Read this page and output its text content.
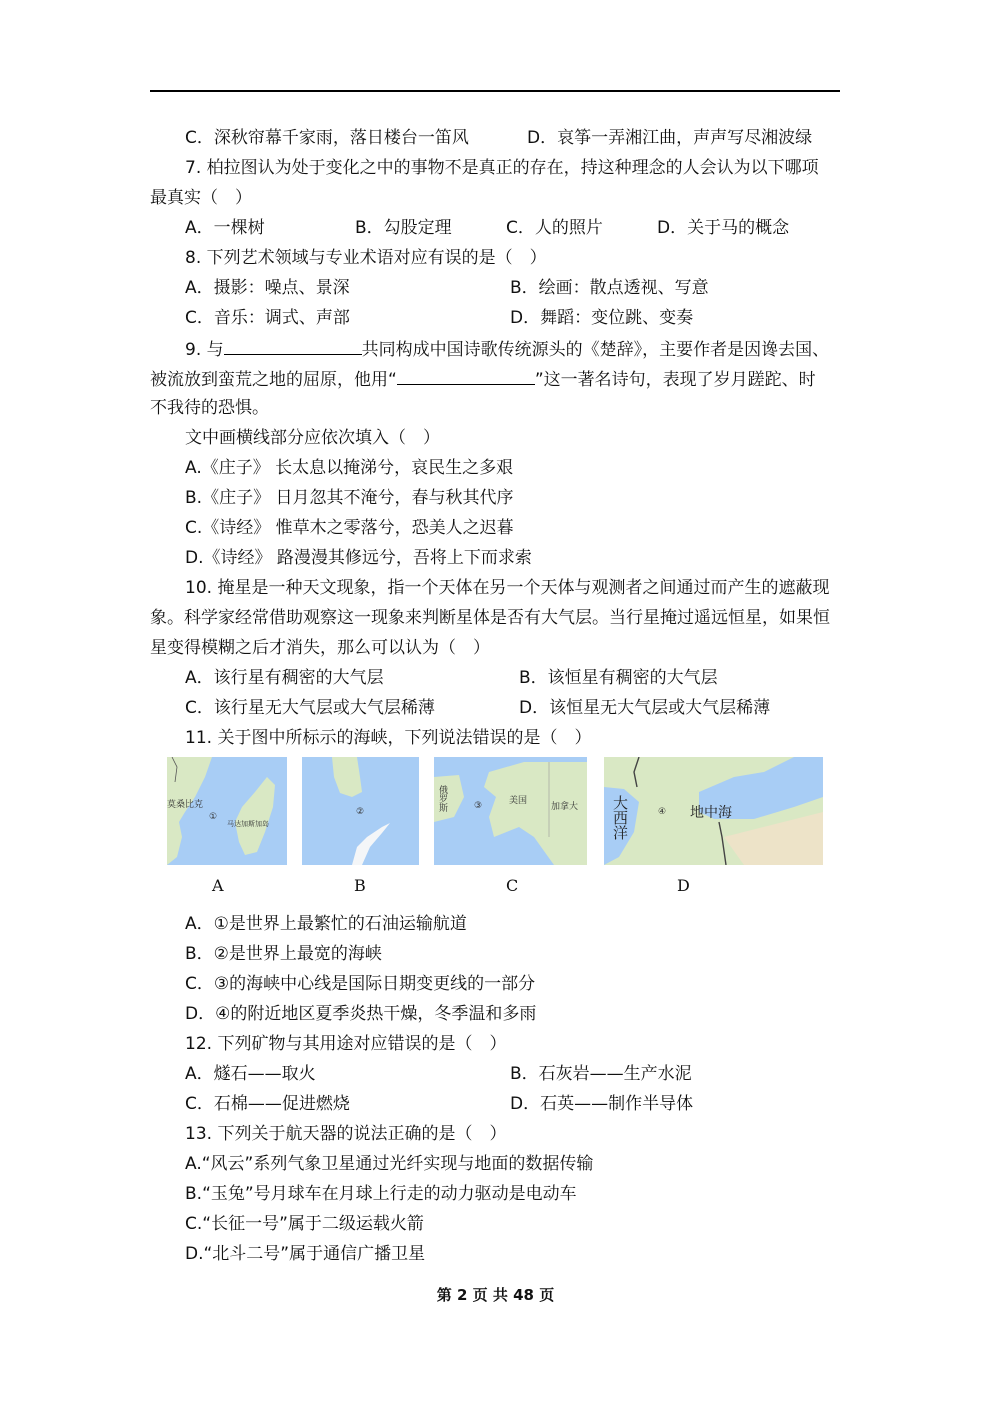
C．深秋帘幕千家雨，落日楼台一笛风	D．哀筝一弄湘江曲，声声写尽湘波绿
7. 柏拉图认为处于变化之中的事物不是真正的存在，持这种理念的人会认为以下哪项
最真实（　）
A．一棵树	B．勾股定理	C．人的照片	D．关于马的概念
8. 下列艺术领域与专业术语对应有误的是（　）
A．摄影：噪点、景深	B．绘画：散点透视、写意
C．音乐：调式、声部	D．舞蹈：变位跳、变奏
9. 与	共同构成中国诗歌传统源头的《楚辞》，主要作者是因谗去国、
被流放到蛮荒之地的屈原，他用“	”这一著名诗句，表现了岁月蹉跎、时
不我待的恐惧。
文中画横线部分应依次填入（　）
A.《庄子》 长太息以掩涕兮，哀民生之多艰
B.《庄子》 日月忽其不淹兮，春与秋其代序
C.《诗经》 惟草木之零落兮，恐美人之迟暮
D.《诗经》 路漫漫其修远兮，吾将上下而求索
10. 掩星是一种天文现象，指一个天体在另一个天体与观测者之间通过而产生的遮蔽现
象。科学家经常借助观察这一现象来判断星体是否有大气层。当行星掩过遥远恒星，如果恒
星变得模糊之后才消失，那么可以认为（　）
A．该行星有稠密的大气层	B．该恒星有稠密的大气层
C．该行星无大气层或大气层稀薄	D．该恒星无大气层或大气层稀薄
11. 关于图中所标示的海峡，下列说法错误的是（　）
莫桑比克
①
马达加斯加岛
②	俄罗斯	③	美国
加拿大 大西洋	④ 地中海
A	B	C	D
A．①是世界上最繁忙的石油运输航道
B．②是世界上最宽的海峡
C．③的海峡中心线是国际日期变更线的一部分
D．④的附近地区夏季炎热干燥，冬季温和多雨
12. 下列矿物与其用途对应错误的是（　）
A．燧石——取火	B．石灰岩——生产水泥
C．石棉——促进燃烧	D．石英——制作半导体
13. 下列关于航天器的说法正确的是（　）
A.“风云”系列气象卫星通过光纤实现与地面的数据传输
B.“玉兔”号月球车在月球上行走的动力驱动是电动车
C.“长征一号”属于二级运载火箭
D.“北斗二号”属于通信广播卫星
第 2 页 共 48 页
